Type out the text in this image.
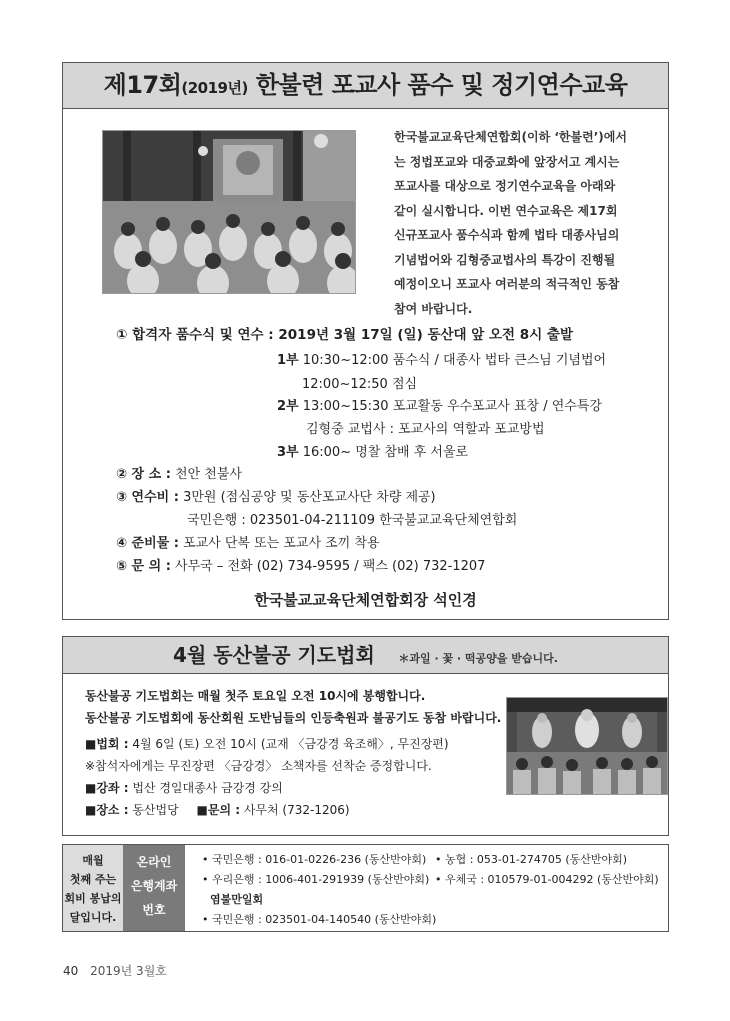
제17회(2019년) 한불련 포교사 품수 및 정기연수교육
한국불교교육단체연합회(이하 ‘한불련’)에서
는 정법포교와 대중교화에 앞장서고 계시는
포교사를 대상으로 정기연수교육을 아래와
같이 실시합니다. 이번 연수교육은 제17회
신규포교사 품수식과 함께 법타 대종사님의
기념법어와 김형중교법사의 특강이 진행될
예정이오니 포교사 여러분의 적극적인 동참
참여 바랍니다.
① 합격자 품수식 및 연수 : 2019년 3월 17일 (일) 동산대 앞 오전 8시 출발
1부 10:30~12:00 품수식 / 대종사 법타 큰스님 기념법어
12:00~12:50 점심
2부 13:00~15:30 포교활동 우수포교사 표창 / 연수특강
김형중 교법사 : 포교사의 역할과 포교방법
3부 16:00~ 명찰 참배 후 서울로
② 장 소 : 천안 천불사
③ 연수비 : 3만원 (점심공양 및 동산포교사단 차량 제공)
국민은행 : 023501-04-211109 한국불교교육단체연합회
④ 준비물 : 포교사 단복 또는 포교사 조끼 착용
⑤ 문 의 : 사무국 – 전화 (02) 734-9595 / 팩스 (02) 732-1207
한국불교교육단체연합회장 석인경
4월 동산불공 기도법회 ＊과일 · 꽃 · 떡공양을 받습니다.
동산불공 기도법회는 매월 첫주 토요일 오전 10시에 봉행합니다.
동산불공 기도법회에 동산회원 도반님들의 인등축원과 불공기도 동참 바랍니다.
■법회 : 4월 6일 (토) 오전 10시 (교재 〈금강경 육조해〉, 무진장편)
※참석자에게는 무진장편 〈금강경〉 소책자를 선착순 증정합니다.
■강좌 : 법산 경일대종사 금강경 강의
■장소 : 동산법당 ■문의 : 사무처 (732-1206)
매월
첫째 주는
회비 봉납의
달입니다.
온라인
은행계좌
번호
• 국민은행 : 016-01-0226-236 (동산반야회) • 농협 : 053-01-274705 (동산반야회)
• 우리은행 : 1006-401-291939 (동산반야회) • 우체국 : 010579-01-004292 (동산반야회)
염불만일회
• 국민은행 : 023501-04-140540 (동산반야회)
40 2019년 3월호
